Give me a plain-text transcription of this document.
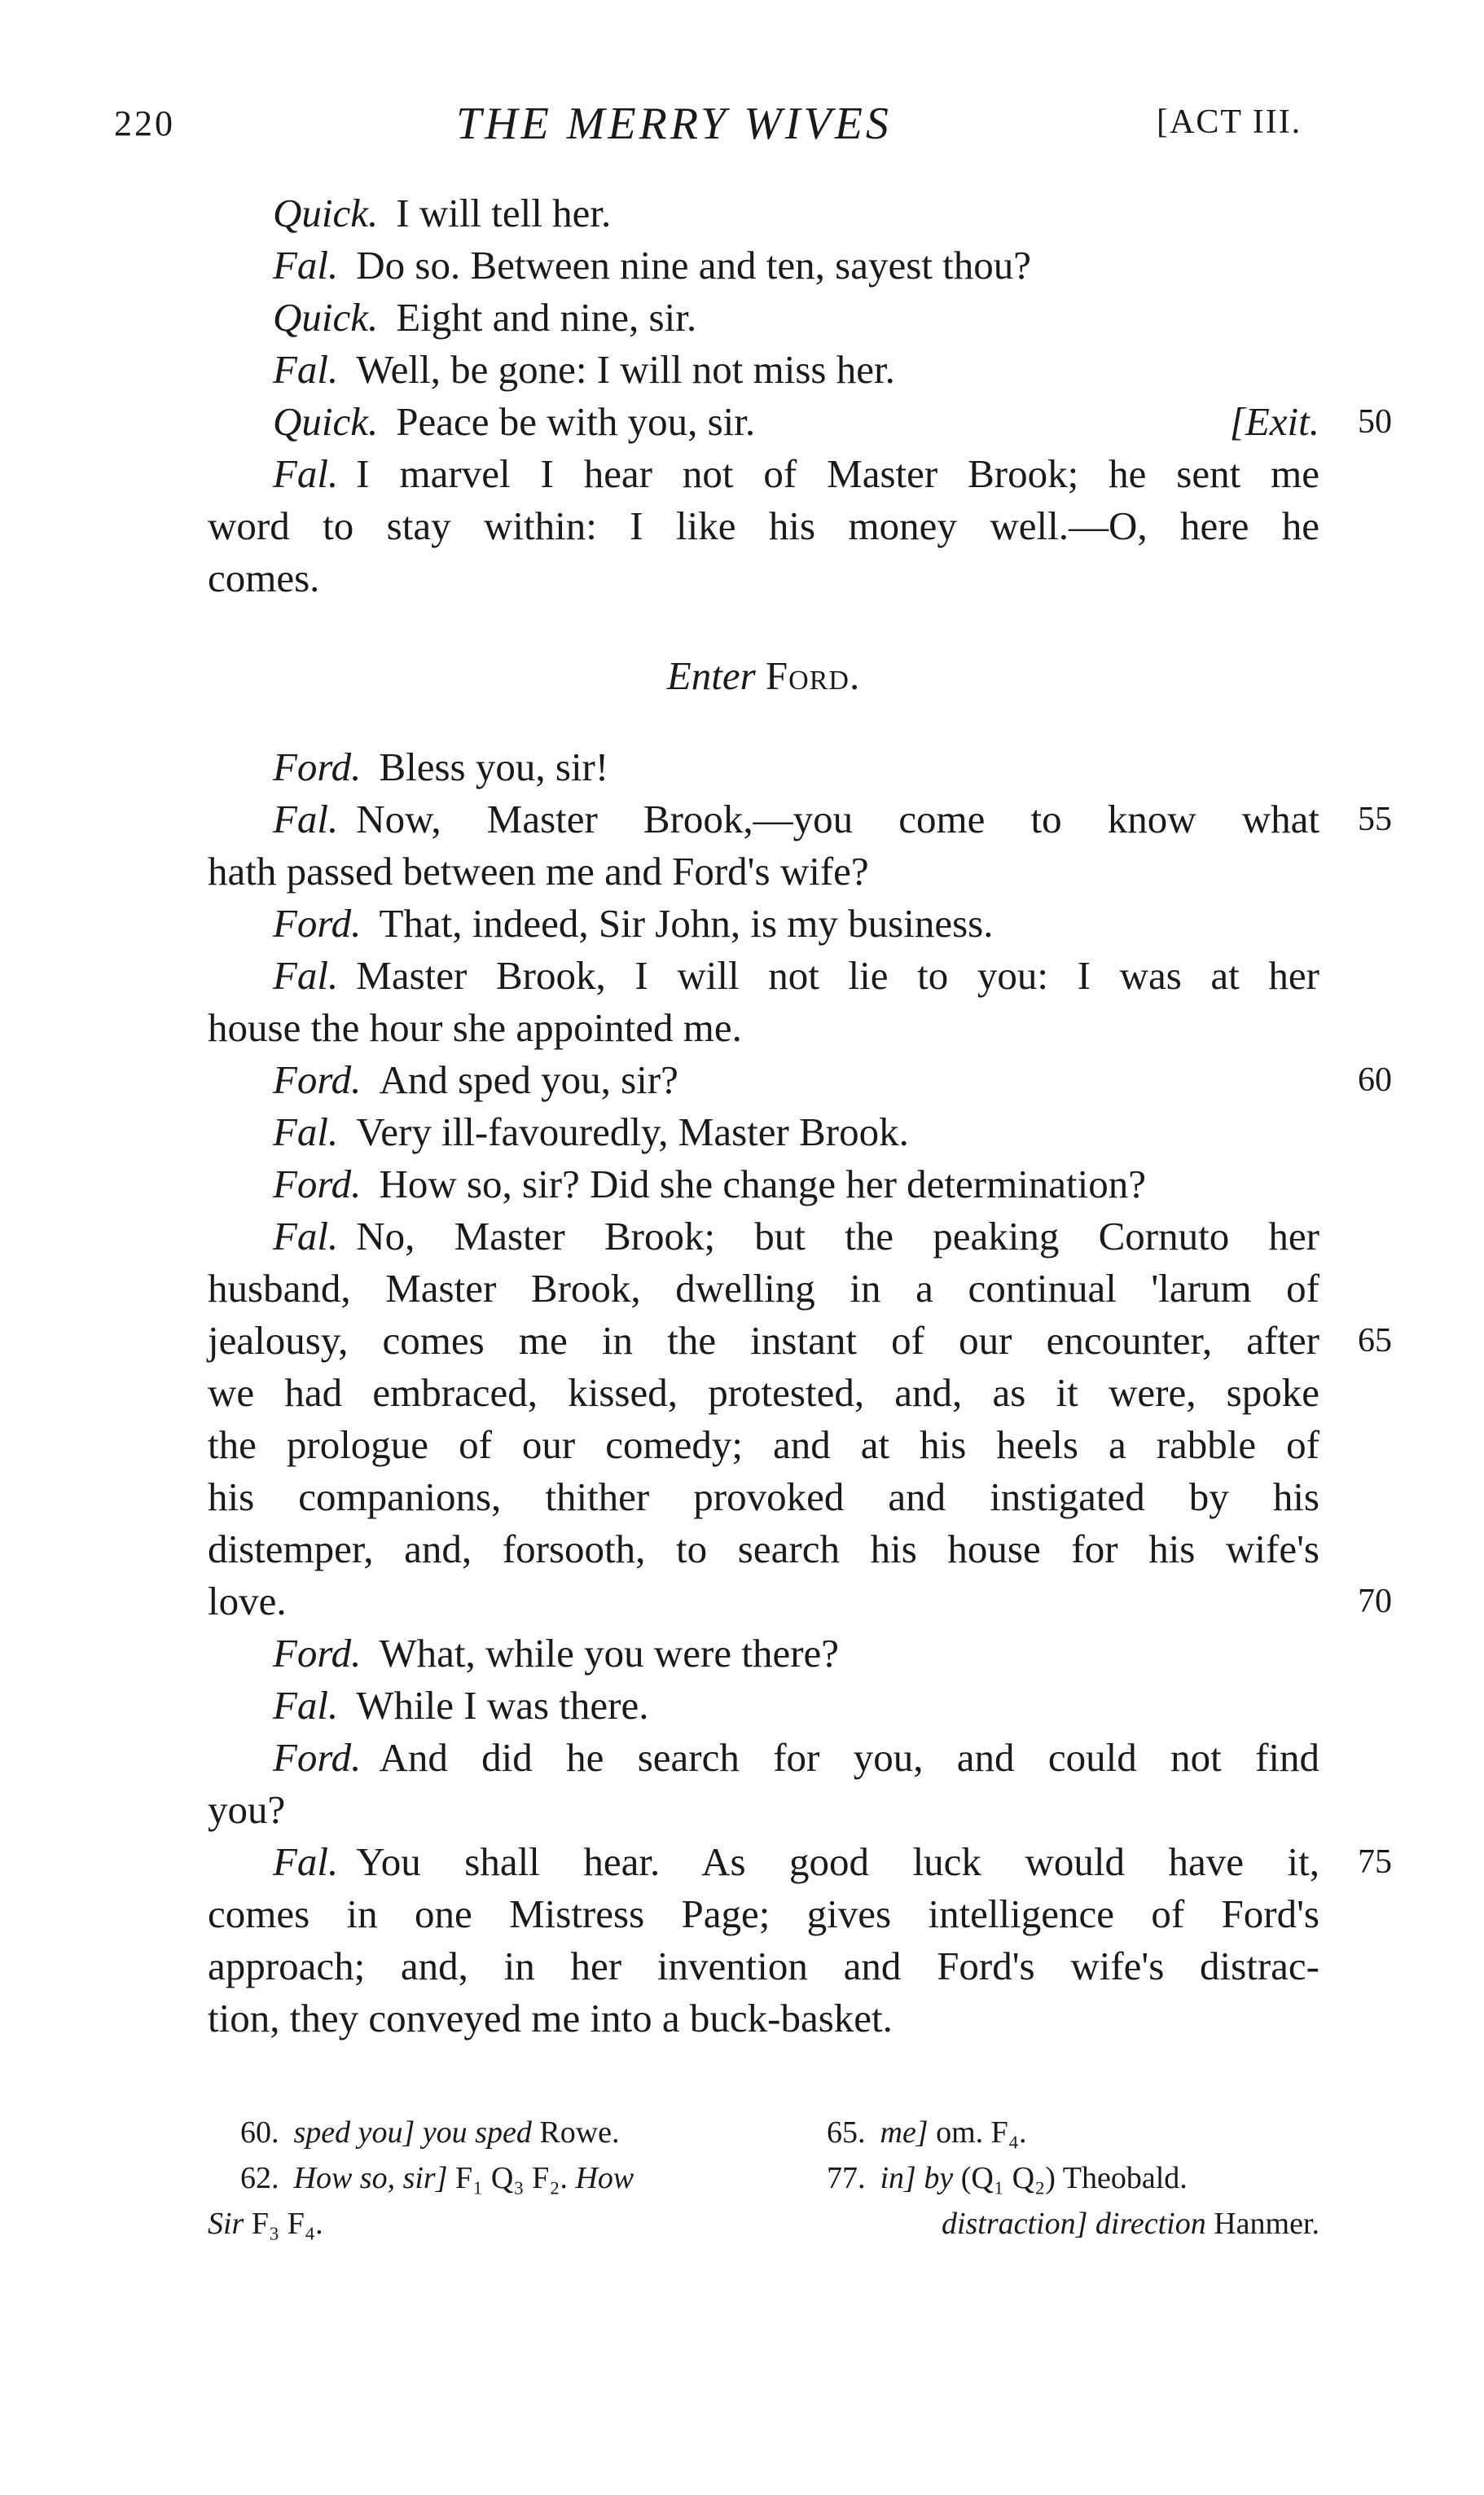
220	THE MERRY WIVES	[ACT III.
Quick. I will tell her.
Fal. Do so. Between nine and ten, sayest thou?
Quick. Eight and nine, sir.
Fal. Well, be gone: I will not miss her.
Quick. Peace be with you, sir.	[Exit. 50
Fal. I marvel I hear not of Master Brook; he sent me
word to stay within: I like his money well.—O, here he
comes.
Enter Ford.
Ford. Bless you, sir!
Fal. Now, Master Brook,—you come to know what 55
hath passed between me and Ford's wife?
Ford. That, indeed, Sir John, is my business.
Fal. Master Brook, I will not lie to you: I was at her
house the hour she appointed me.
Ford. And sped you, sir?	60
Fal. Very ill-favouredly, Master Brook.
Ford. How so, sir? Did she change her determination?
Fal. No, Master Brook; but the peaking Cornuto her
husband, Master Brook, dwelling in a continual 'larum of
jealousy, comes me in the instant of our encounter, after 65
we had embraced, kissed, protested, and, as it were, spoke
the prologue of our comedy; and at his heels a rabble of
his companions, thither provoked and instigated by his
distemper, and, forsooth, to search his house for his wife's
love.	70
Ford. What, while you were there?
Fal. While I was there.
Ford. And did he search for you, and could not find
you?
Fal. You shall hear. As good luck would have it, 75
comes in one Mistress Page; gives intelligence of Ford's
approach; and, in her invention and Ford's wife's distrac-
tion, they conveyed me into a buck-basket.
60. sped you] you sped Rowe.
62. How so, sir] F₁ Q₃ F₂. How
Sir F₃ F₄.
65. me] om. F₄.
77. in] by (Q₁ Q₂) Theobald.
distraction] direction Hanmer.
